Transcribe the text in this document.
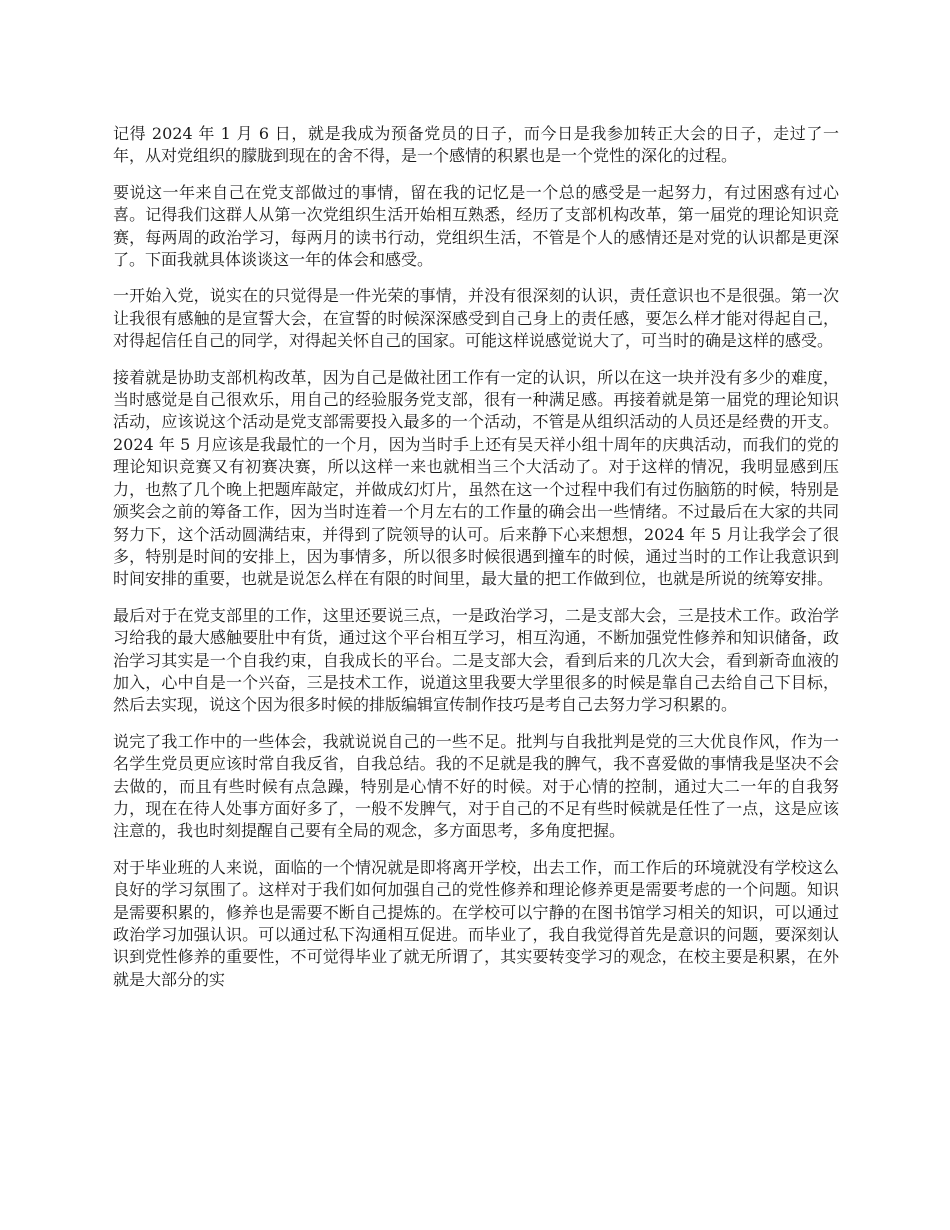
记得 2024 年 1 月 6 日，就是我成为预备党员的日子，而今日是我参加转正大会的日子，走过了一年，从对党组织的朦胧到现在的舍不得，是一个感情的积累也是一个党性的深化的过程。

要说这一年来自己在党支部做过的事情，留在我的记忆是一个总的感受是一起努力，有过困惑有过心喜。记得我们这群人从第一次党组织生活开始相互熟悉，经历了支部机构改革，第一届党的理论知识竞赛，每两周的政治学习，每两月的读书行动，党组织生活，不管是个人的感情还是对党的认识都是更深了。下面我就具体谈谈这一年的体会和感受。

一开始入党，说实在的只觉得是一件光荣的事情，并没有很深刻的认识，责任意识也不是很强。第一次让我很有感触的是宣誓大会，在宣誓的时候深深感受到自己身上的责任感，要怎么样才能对得起自己，对得起信任自己的同学，对得起关怀自己的国家。可能这样说感觉说大了，可当时的确是这样的感受。

接着就是协助支部机构改革，因为自己是做社团工作有一定的认识，所以在这一块并没有多少的难度，当时感觉是自己很欢乐，用自己的经验服务党支部，很有一种满足感。再接着就是第一届党的理论知识活动，应该说这个活动是党支部需要投入最多的一个活动，不管是从组织活动的人员还是经费的开支。2024 年 5 月应该是我最忙的一个月，因为当时手上还有吴天祥小组十周年的庆典活动，而我们的党的理论知识竞赛又有初赛决赛，所以这样一来也就相当三个大活动了。对于这样的情况，我明显感到压力，也熬了几个晚上把题库敲定，并做成幻灯片，虽然在这一个过程中我们有过伤脑筋的时候，特别是颁奖会之前的筹备工作，因为当时连着一个月左右的工作量的确会出一些情绪。不过最后在大家的共同努力下，这个活动圆满结束，并得到了院领导的认可。后来静下心来想想，2024 年 5 月让我学会了很多，特别是时间的安排上，因为事情多，所以很多时候很遇到撞车的时候，通过当时的工作让我意识到时间安排的重要，也就是说怎么样在有限的时间里，最大量的把工作做到位，也就是所说的统筹安排。

最后对于在党支部里的工作，这里还要说三点，一是政治学习，二是支部大会，三是技术工作。政治学习给我的最大感触要肚中有货，通过这个平台相互学习，相互沟通，不断加强党性修养和知识储备，政治学习其实是一个自我约束，自我成长的平台。二是支部大会，看到后来的几次大会，看到新奇血液的加入，心中自是一个兴奋，三是技术工作，说道这里我要大学里很多的时候是靠自己去给自己下目标，然后去实现，说这个因为很多时候的排版编辑宣传制作技巧是考自己去努力学习积累的。

说完了我工作中的一些体会，我就说说自己的一些不足。批判与自我批判是党的三大优良作风，作为一名学生党员更应该时常自我反省，自我总结。我的不足就是我的脾气，我不喜爱做的事情我是坚决不会去做的，而且有些时候有点急躁，特别是心情不好的时候。对于心情的控制，通过大二一年的自我努力，现在在待人处事方面好多了，一般不发脾气，对于自己的不足有些时候就是任性了一点，这是应该注意的，我也时刻提醒自己要有全局的观念，多方面思考，多角度把握。

对于毕业班的人来说，面临的一个情况就是即将离开学校，出去工作，而工作后的环境就没有学校这么良好的学习氛围了。这样对于我们如何加强自己的党性修养和理论修养更是需要考虑的一个问题。知识是需要积累的，修养也是需要不断自己提炼的。在学校可以宁静的在图书馆学习相关的知识，可以通过政治学习加强认识。可以通过私下沟通相互促进。而毕业了，我自我觉得首先是意识的问题，要深刻认识到党性修养的重要性，不可觉得毕业了就无所谓了，其实要转变学习的观念，在校主要是积累，在外就是大部分的实
